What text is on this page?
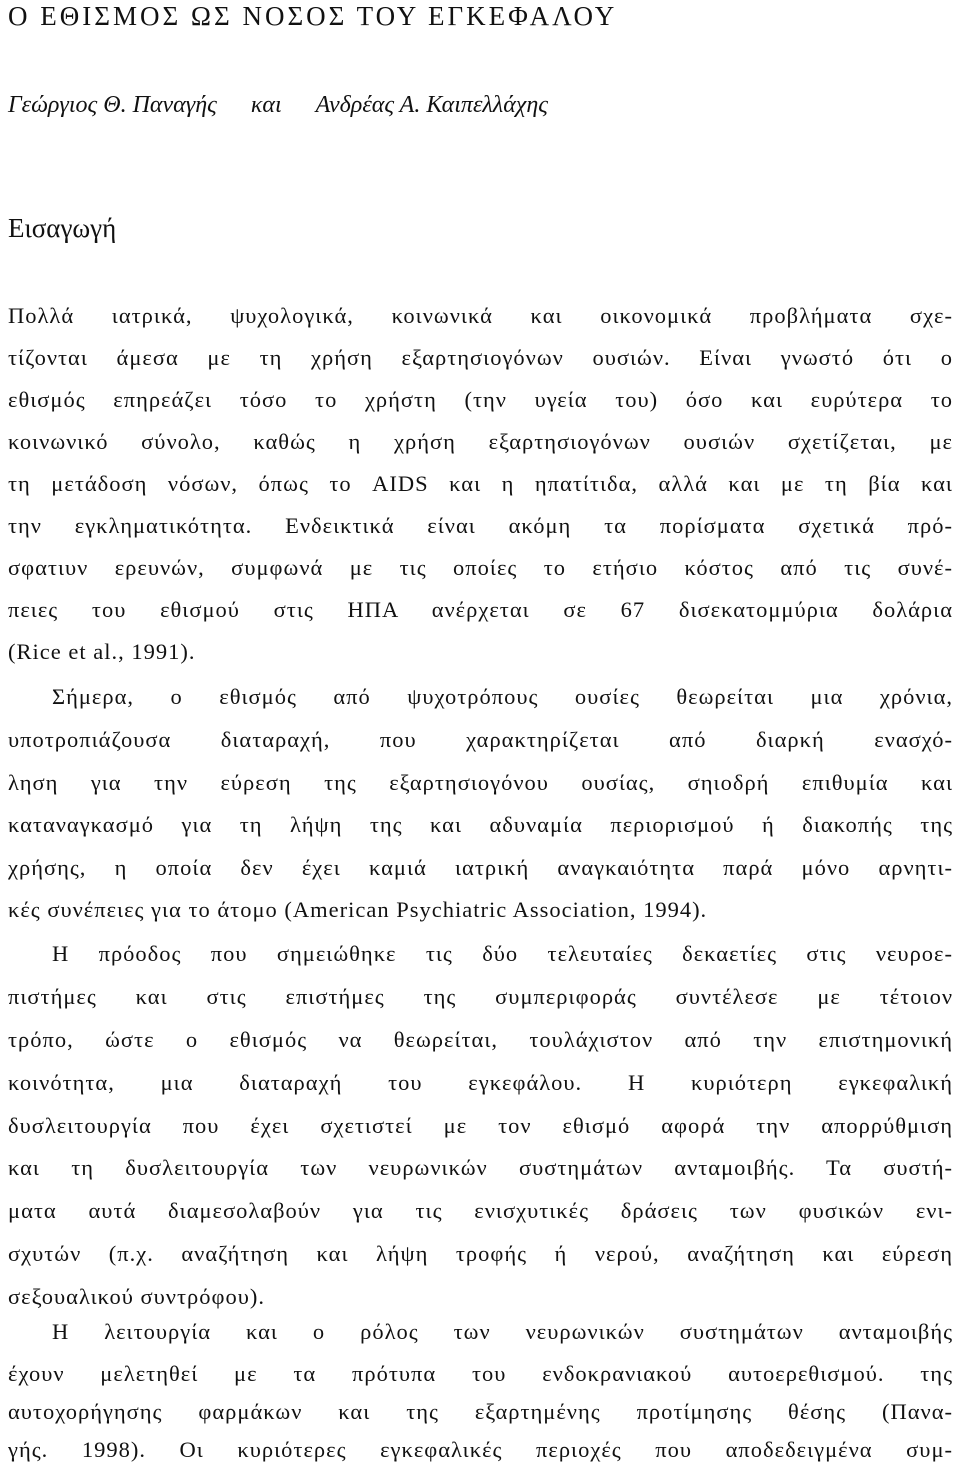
Ο ΕΘΙΣΜΟΣ ΩΣ ΝΟΣΟΣ ΤΟΥ ΕΓΚΕΦΑΛΟΥ
Γεώργιος Θ. Παναγής και Ανδρέας Α. Καιπελλάχης
Εισαγωγή
Πολλά ιατρικά, ψυχολογικά, κοινωνικά και οικονομικά προβλήματα σχε-
τίζονται άμεσα με τη χρήση εξαρτησιογόνων ουσιών. Είναι γνωστό ότι ο
εθισμός επηρεάζει τόσο το χρήστη (την υγεία του) όσο και ευρύτερα το
κοινωνικό σύνολο, καθώς η χρήση εξαρτησιογόνων ουσιών σχετίζεται, με
τη μετάδοση νόσων, όπως το AIDS και η ηπατίτιδα, αλλά και με τη βία και
την εγκληματικότητα. Ενδεικτικά είναι ακόμη τα πορίσματα σχετικά πρό-
σφατιυν ερευνών, συμφωνά με τις οποίες το ετήσιο κόστος από τις συνέ-
πειες του εθισμού στις ΗΠΑ ανέρχεται σε 67 δισεκατομμύρια δολάρια
(Rice et al., 1991).
Σήμερα, ο εθισμός από ψυχοτρόπους ουσίες θεωρείται μια χρόνια,
υποτροπιάζουσα διαταραχή, που χαρακτηρίζεται από διαρκή ενασχό-
ληση για την εύρεση της εξαρτησιογόνου ουσίας, σηιοδρή επιθυμία και
καταναγκασμό για τη λήψη της και αδυναμία περιορισμού ή διακοπής της
χρήσης, η οποία δεν έχει καμιά ιατρική αναγκαιότητα παρά μόνο αρνητι-
κές συνέπειες για το άτομο (American Psychiatric Association, 1994).
Η πρόοδος που σημειώθηκε τις δύο τελευταίες δεκαετίες στις νευροε-
πιστήμες και στις επιστήμες της συμπεριφοράς συντέλεσε με τέτοιον
τρόπο, ώστε ο εθισμός να θεωρείται, τουλάχιστον από την επιστημονική
κοινότητα, μια διαταραχή του εγκεφάλου. Η κυριότερη εγκεφαλική
δυσλειτουργία που έχει σχετιστεί με τον εθισμό αφορά την απορρύθμιση
και τη δυσλειτουργία των νευρωνικών συστημάτων ανταμοιβής. Τα συστή-
ματα αυτά διαμεσολαβούν για τις ενισχυτικές δράσεις των φυσικών ενι-
σχυτών (π.χ. αναζήτηση και λήψη τροφής ή νερού, αναζήτηση και εύρεση
σεξουαλικού συντρόφου).
Η λειτουργία και ο ρόλος των νευρωνικών συστημάτων ανταμοιβής
έχουν μελετηθεί με τα πρότυπα του ενδοκρανιακού αυτοερεθισμού. της
αυτοχορήγησης φαρμάκων και της εξαρτημένης προτίμησης θέσης (Πανα-
γής. 1998). Οι κυριότερες εγκεφαλικές περιοχές που αποδεδειγμένα συμ-
